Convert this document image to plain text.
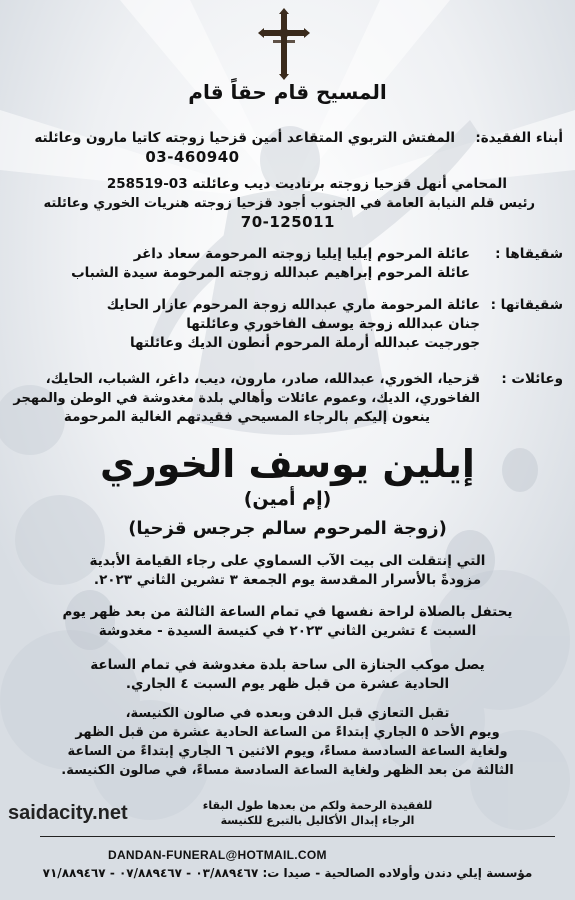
المسيح قام حقاً قام
أبناء الفقيدة:
المفتش التربوي المتقاعد أمين قزحيا زوجته كاتيا مارون وعائلته
03-460940
المحامي أنهل قزحيا زوجته برناديت ديب وعائلته 03-258519
رئيس قلم النيابة العامة في الجنوب أجود قزحيا زوجته هنريات الخوري وعائلته
70-125011
شقيقاها :
عائلة المرحوم إيليا إيليا زوجته المرحومة سعاد داغر
عائلة المرحوم إبراهيم عبدالله زوجته المرحومة سيدة الشباب
شقيقاتها :
عائلة المرحومة ماري عبدالله زوجة المرحوم عازار الحايك
جنان عبدالله زوجة يوسف الفاخوري وعائلتها
جورجيت عبدالله أرملة المرحوم أنطون الديك وعائلتها
وعائلات :
قزحيا، الخوري، عبدالله، صادر، مارون، ديب، داغر، الشباب، الحايك،
الفاخوري، الديك، وعموم عائلات وأهالي بلدة مغدوشة في الوطن والمهجر
ينعون إليكم بالرجاء المسيحي فقيدتهم الغالية المرحومة
إيلين يوسف الخوري
(إم أمين)
(زوجة المرحوم سالم جرجس قزحيا)
التي إنتقلت الى بيت الآب السماوي على رجاء القيامة الأبدية
مزودةً بالأسرار المقدسة يوم الجمعة ٣ تشرين الثاني ٢٠٢٣.
يحتفل بالصلاة لراحة نفسها في تمام الساعة الثالثة من بعد ظهر يوم
السبت ٤ تشرين الثاني ٢٠٢٣ في كنيسة السيدة - مغدوشة
يصل موكب الجنازة الى ساحة بلدة مغدوشة في تمام الساعة
الحادية عشرة من قبل ظهر يوم السبت ٤ الجاري.
تقبل التعازي قبل الدفن وبعده في صالون الكنيسة،
ويوم الأحد ٥ الجاري إبتداءً من الساعة الحادية عشرة من قبل الظهر
ولغاية الساعة السادسة مساءً، ويوم الاثنين ٦ الجاري إبتداءً من الساعة
الثالثة من بعد الظهر ولغاية الساعة السادسة مساءً، في صالون الكنيسة.
saidacity.net	للفقيدة الرحمة ولكم من بعدها طول البقاء
الرجاء إبدال الأكاليل بالتبرع للكنيسة
DANDAN-FUNERAL@HOTMAIL.COM
مؤسسة إيلي دندن وأولاده الصالحية - صيدا ت: ٠٣/٨٨٩٤٦٧ - ٠٧/٨٨٩٤٦٧ - ٧١/٨٨٩٤٦٧
